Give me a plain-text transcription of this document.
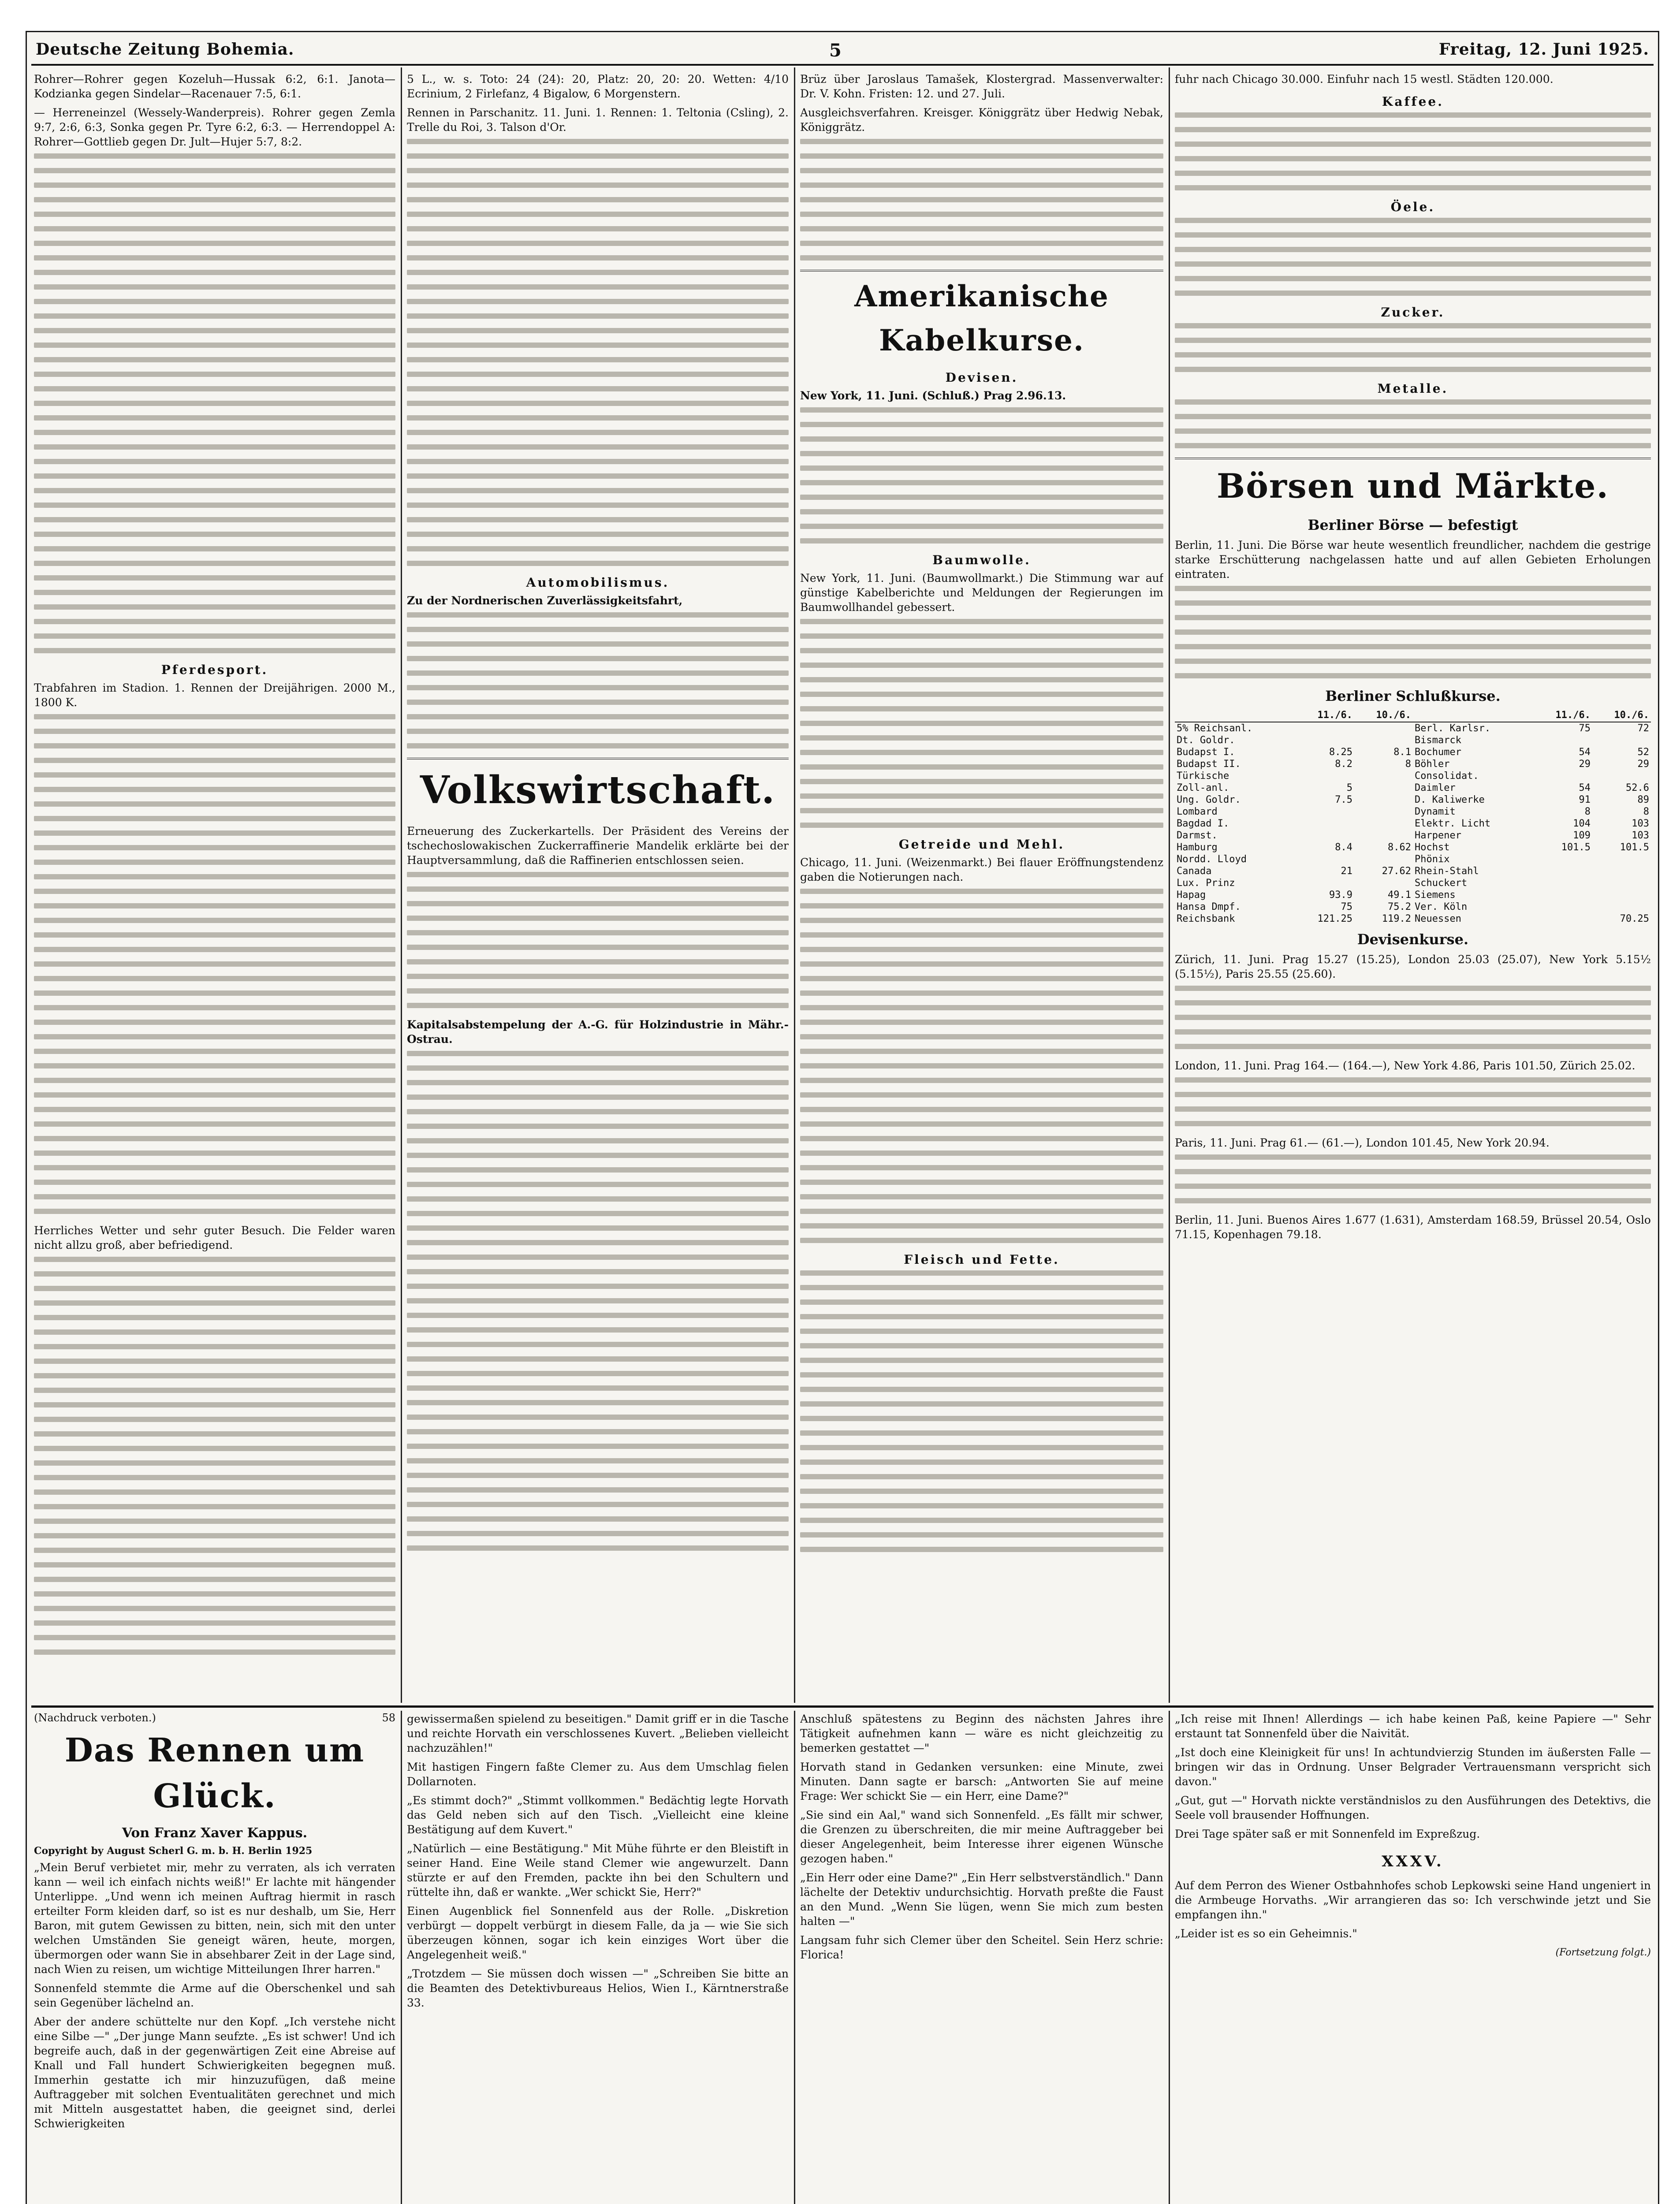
Deutsche Zeitung Bohemia.	5	Freitag, 12. Juni 1925.

Rohrer—Rohrer gegen Kozeluh—Hussak 6:2, 6:1. Janota—Kodzianka gegen Sindelar—Racenauer 7:5, 6:1.

— Herreneinzel (Wessely-Wanderpreis). Rohrer gegen Zemla 9:7, 2:6, 6:3, Sonka gegen Pr. Tyre 6:2, 6:3. — Herrendoppel A: Rohrer—Gottlieb gegen Dr. Jult—Hujer 5:7, 8:2.

Pferdesport.

Trabfahren im Stadion. 1. Rennen der Dreijährigen. 2000 M., 1800 K.

Herrliches Wetter und sehr guter Besuch. Die Felder waren nicht allzu groß, aber befriedigend.

5 L., w. s. Toto: 24 (24): 20, Platz: 20, 20: 20. Wetten: 4/10 Ecrinium, 2 Firlefanz, 4 Bigalow, 6 Morgenstern.

Rennen in Parschanitz. 11. Juni. 1. Rennen: 1. Teltonia (Csling), 2. Trelle du Roi, 3. Talson d'Or.

Automobilismus.

Zu der Nordnerischen Zuverlässigkeitsfahrt,

Volkswirtschaft.

Erneuerung des Zuckerkartells. Der Präsident des Vereins der tschechoslowakischen Zuckerraffinerie Mandelik erklärte bei der Hauptversammlung, daß die Raffinerien entschlossen seien.

Kapitalsabstempelung der A.-G. für Holzindustrie in Mähr.-Ostrau.

Brüz über Jaroslaus Tamašek, Klostergrad. Massenverwalter: Dr. V. Kohn. Fristen: 12. und 27. Juli.

Ausgleichsverfahren. Kreisger. Königgrätz über Hedwig Nebak, Königgrätz.

Amerikanische Kabelkurse.
Devisen.

New York, 11. Juni. (Schluß.) Prag 2.96.13.

Baumwolle.

New York, 11. Juni. (Baumwollmarkt.) Die Stimmung war auf günstige Kabelberichte und Meldungen der Regierungen im Baumwollhandel gebessert.

Getreide und Mehl.

Chicago, 11. Juni. (Weizenmarkt.) Bei flauer Eröffnungstendenz gaben die Notierungen nach.

Fleisch und Fette.

fuhr nach Chicago 30.000. Einfuhr nach 15 westl. Städten 120.000.

Kaffee.
Öele.
Zucker.
Metalle.
Börsen und Märkte.
Berliner Börse — befestigt

Berlin, 11. Juni. Die Börse war heute wesentlich freundlicher, nachdem die gestrige starke Erschütterung nachgelassen hatte und auf allen Gebieten Erholungen eintraten.

Berliner Schlußkurse.
	11./6.	10./6.		11./6.	10./6.
5% Reichsanl.			Berl. Karlsr.	75	72
Dt. Goldr.			Bismarck		
Budapst I.	8.25	8.1	Bochumer	54	52
Budapst II.	8.2	8	Böhler	29	29
Türkische			Consolidat.		
Zoll-anl.	5		Daimler	54	52.6
Ung. Goldr.	7.5		D. Kaliwerke	91	89
Lombard			Dynamit	8	8
Bagdad I.			Elektr. Licht	104	103
Darmst.			Harpener	109	103
Hamburg	8.4	8.62	Hochst	101.5	101.5
Nordd. Lloyd			Phönix		
Canada	21	27.62	Rhein-Stahl		
Lux. Prinz			Schuckert		
Hapag	93.9	49.1	Siemens		
Hansa Dmpf.	75	75.2	Ver. Köln		
Reichsbank	121.25	119.2	Neuessen		70.25
Devisenkurse.

Zürich, 11. Juni. Prag 15.27 (15.25), London 25.03 (25.07), New York 5.15½ (5.15½), Paris 25.55 (25.60).

London, 11. Juni. Prag 164.— (164.—), New York 4.86, Paris 101.50, Zürich 25.02.

Paris, 11. Juni. Prag 61.— (61.—), London 101.45, New York 20.94.

Berlin, 11. Juni. Buenos Aires 1.677 (1.631), Amsterdam 168.59, Brüssel 20.54, Oslo 71.15, Kopenhagen 79.18.

(Nachdruck verboten.)	58
Das Rennen um Glück.
Von Franz Xaver Kappus.
Copyright by August Scherl G. m. b. H. Berlin 1925

„Mein Beruf verbietet mir, mehr zu verraten, als ich verraten kann — weil ich einfach nichts weiß!" Er lachte mit hängender Unterlippe. „Und wenn ich meinen Auftrag hiermit in rasch erteilter Form kleiden darf, so ist es nur deshalb, um Sie, Herr Baron, mit gutem Gewissen zu bitten, nein, sich mit den unter welchen Umständen Sie geneigt wären, heute, morgen, übermorgen oder wann Sie in absehbarer Zeit in der Lage sind, nach Wien zu reisen, um wichtige Mitteilungen Ihrer harren."

Sonnenfeld stemmte die Arme auf die Oberschenkel und sah sein Gegenüber lächelnd an.

Aber der andere schüttelte nur den Kopf. „Ich verstehe nicht eine Silbe —" „Der junge Mann seufzte. „Es ist schwer! Und ich begreife auch, daß in der gegenwärtigen Zeit eine Abreise auf Knall und Fall hundert Schwierigkeiten begegnen muß. Immerhin gestatte ich mir hinzuzufügen, daß meine Auftraggeber mit solchen Eventualitäten gerechnet und mich mit Mitteln ausgestattet haben, die geeignet sind, derlei Schwierigkeiten

gewissermaßen spielend zu beseitigen." Damit griff er in die Tasche und reichte Horvath ein verschlossenes Kuvert. „Belieben vielleicht nachzuzählen!"

Mit hastigen Fingern faßte Clemer zu. Aus dem Umschlag fielen Dollarnoten.

„Es stimmt doch?" „Stimmt vollkommen." Bedächtig legte Horvath das Geld neben sich auf den Tisch. „Vielleicht eine kleine Bestätigung auf dem Kuvert."

„Natürlich — eine Bestätigung." Mit Mühe führte er den Bleistift in seiner Hand. Eine Weile stand Clemer wie angewurzelt. Dann stürzte er auf den Fremden, packte ihn bei den Schultern und rüttelte ihn, daß er wankte. „Wer schickt Sie, Herr?"

Einen Augenblick fiel Sonnenfeld aus der Rolle. „Diskretion verbürgt — doppelt verbürgt in diesem Falle, da ja — wie Sie sich überzeugen können, sogar ich kein einziges Wort über die Angelegenheit weiß."

„Trotzdem — Sie müssen doch wissen —" „Schreiben Sie bitte an die Beamten des Detektivbureaus Helios, Wien I., Kärntnerstraße 33.

Anschluß spätestens zu Beginn des nächsten Jahres ihre Tätigkeit aufnehmen kann — wäre es nicht gleichzeitig zu bemerken gestattet —"

Horvath stand in Gedanken versunken: eine Minute, zwei Minuten. Dann sagte er barsch: „Antworten Sie auf meine Frage: Wer schickt Sie — ein Herr, eine Dame?"

„Sie sind ein Aal," wand sich Sonnenfeld. „Es fällt mir schwer, die Grenzen zu überschreiten, die mir meine Auftraggeber bei dieser Angelegenheit, beim Interesse ihrer eigenen Wünsche gezogen haben."

„Ein Herr oder eine Dame?" „Ein Herr selbstverständlich." Dann lächelte der Detektiv undurchsichtig. Horvath preßte die Faust an den Mund. „Wenn Sie lügen, wenn Sie mich zum besten halten —"

Langsam fuhr sich Clemer über den Scheitel. Sein Herz schrie: Florica!

„Ich reise mit Ihnen! Allerdings — ich habe keinen Paß, keine Papiere —" Sehr erstaunt tat Sonnenfeld über die Naivität.

„Ist doch eine Kleinigkeit für uns! In achtundvierzig Stunden im äußersten Falle — bringen wir das in Ordnung. Unser Belgrader Vertrauensmann verspricht sich davon."

„Gut, gut —" Horvath nickte verständnislos zu den Ausführungen des Detektivs, die Seele voll brausender Hoffnungen.

Drei Tage später saß er mit Sonnenfeld im Expreßzug.

XXXV.

Auf dem Perron des Wiener Ostbahnhofes schob Lepkowski seine Hand ungeniert in die Armbeuge Horvaths. „Wir arrangieren das so: Ich verschwinde jetzt und Sie empfangen ihn."

„Leider ist es so ein Geheimnis."

(Fortsetzung folgt.)
